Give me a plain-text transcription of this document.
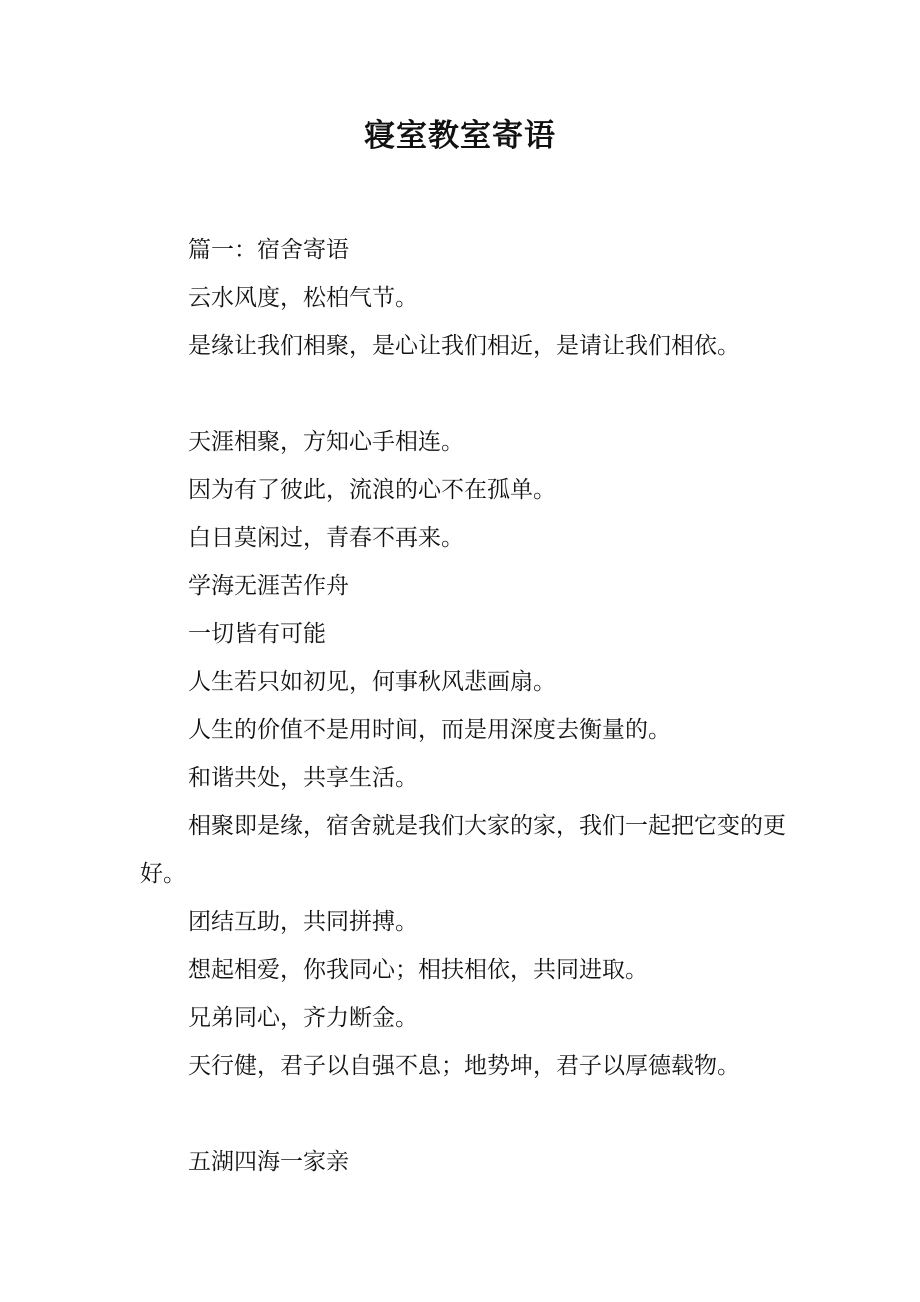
寝室教室寄语

篇一：宿舍寄语

云水风度，松柏气节。

是缘让我们相聚，是心让我们相近，是请让我们相依。

天涯相聚，方知心手相连。

因为有了彼此，流浪的心不在孤单。

白日莫闲过，青春不再来。

学海无涯苦作舟

一切皆有可能

人生若只如初见，何事秋风悲画扇。

人生的价值不是用时间，而是用深度去衡量的。

和谐共处，共享生活。

相聚即是缘，宿舍就是我们大家的家，我们一起把它变的更好。

团结互助，共同拼搏。

想起相爱，你我同心；相扶相依，共同进取。

兄弟同心，齐力断金。

天行健，君子以自强不息；地势坤，君子以厚德载物。

五湖四海一家亲
